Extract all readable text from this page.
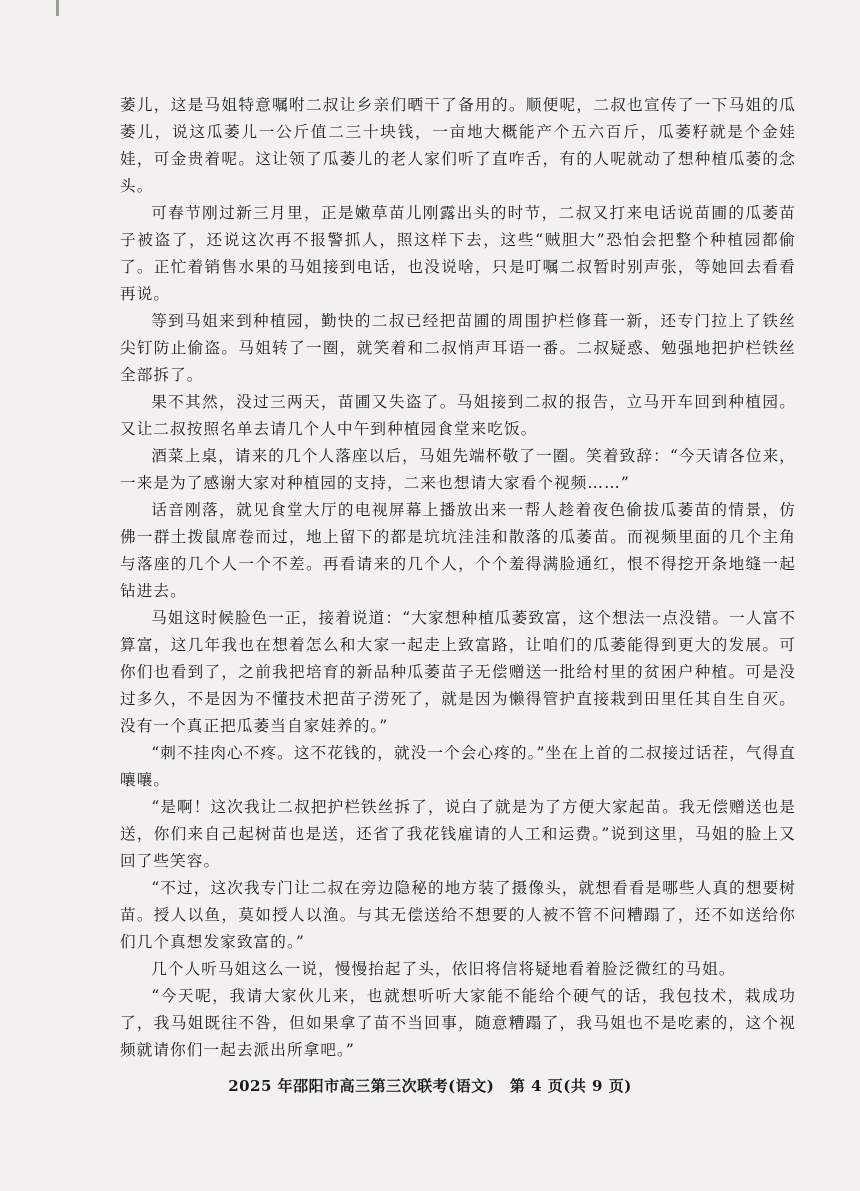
萎儿，这是马姐特意嘱咐二叔让乡亲们晒干了备用的。顺便呢，二叔也宣传了一下马姐的瓜萎儿，说这瓜萎儿一公斤值二三十块钱，一亩地大概能产个五六百斤，瓜萎籽就是个金娃娃，可金贵着呢。这让领了瓜萎儿的老人家们听了直咋舌，有的人呢就动了想种植瓜萎的念头。

可春节刚过新三月里，正是嫩草苗儿刚露出头的时节，二叔又打来电话说苗圃的瓜萎苗子被盗了，还说这次再不报警抓人，照这样下去，这些“贼胆大”恐怕会把整个种植园都偷了。正忙着销售水果的马姐接到电话，也没说啥，只是叮嘱二叔暂时别声张，等她回去看看再说。

等到马姐来到种植园，勤快的二叔已经把苗圃的周围护栏修葺一新，还专门拉上了铁丝尖钉防止偷盗。马姐转了一圈，就笑着和二叔悄声耳语一番。二叔疑惑、勉强地把护栏铁丝全部拆了。

果不其然，没过三两天，苗圃又失盗了。马姐接到二叔的报告，立马开车回到种植园。又让二叔按照名单去请几个人中午到种植园食堂来吃饭。

酒菜上桌，请来的几个人落座以后，马姐先端杯敬了一圈。笑着致辞：“今天请各位来，一来是为了感谢大家对种植园的支持，二来也想请大家看个视频……”

话音刚落，就见食堂大厅的电视屏幕上播放出来一帮人趁着夜色偷拔瓜萎苗的情景，仿佛一群土拨鼠席卷而过，地上留下的都是坑坑洼洼和散落的瓜萎苗。而视频里面的几个主角与落座的几个人一个不差。再看请来的几个人，个个羞得满脸通红，恨不得挖开条地缝一起钻进去。

马姐这时候脸色一正，接着说道：“大家想种植瓜萎致富，这个想法一点没错。一人富不算富，这几年我也在想着怎么和大家一起走上致富路，让咱们的瓜萎能得到更大的发展。可你们也看到了，之前我把培育的新品种瓜萎苗子无偿赠送一批给村里的贫困户种植。可是没过多久，不是因为不懂技术把苗子涝死了，就是因为懒得管护直接栽到田里任其自生自灭。没有一个真正把瓜萎当自家娃养的。”

“刺不挂肉心不疼。这不花钱的，就没一个会心疼的。”坐在上首的二叔接过话茬，气得直嚷嚷。

“是啊！这次我让二叔把护栏铁丝拆了，说白了就是为了方便大家起苗。我无偿赠送也是送，你们来自己起树苗也是送，还省了我花钱雇请的人工和运费。”说到这里，马姐的脸上又回了些笑容。

“不过，这次我专门让二叔在旁边隐秘的地方装了摄像头，就想看看是哪些人真的想要树苗。授人以鱼，莫如授人以渔。与其无偿送给不想要的人被不管不问糟蹋了，还不如送给你们几个真想发家致富的。”

几个人听马姐这么一说，慢慢抬起了头，依旧将信将疑地看着脸泛微红的马姐。

“今天呢，我请大家伙儿来，也就想听听大家能不能给个硬气的话，我包技术，栽成功了，我马姐既往不咎，但如果拿了苗不当回事，随意糟蹋了，我马姐也不是吃素的，这个视频就请你们一起去派出所拿吧。”

2025 年邵阳市高三第三次联考(语文)　第 4 页(共 9 页)
